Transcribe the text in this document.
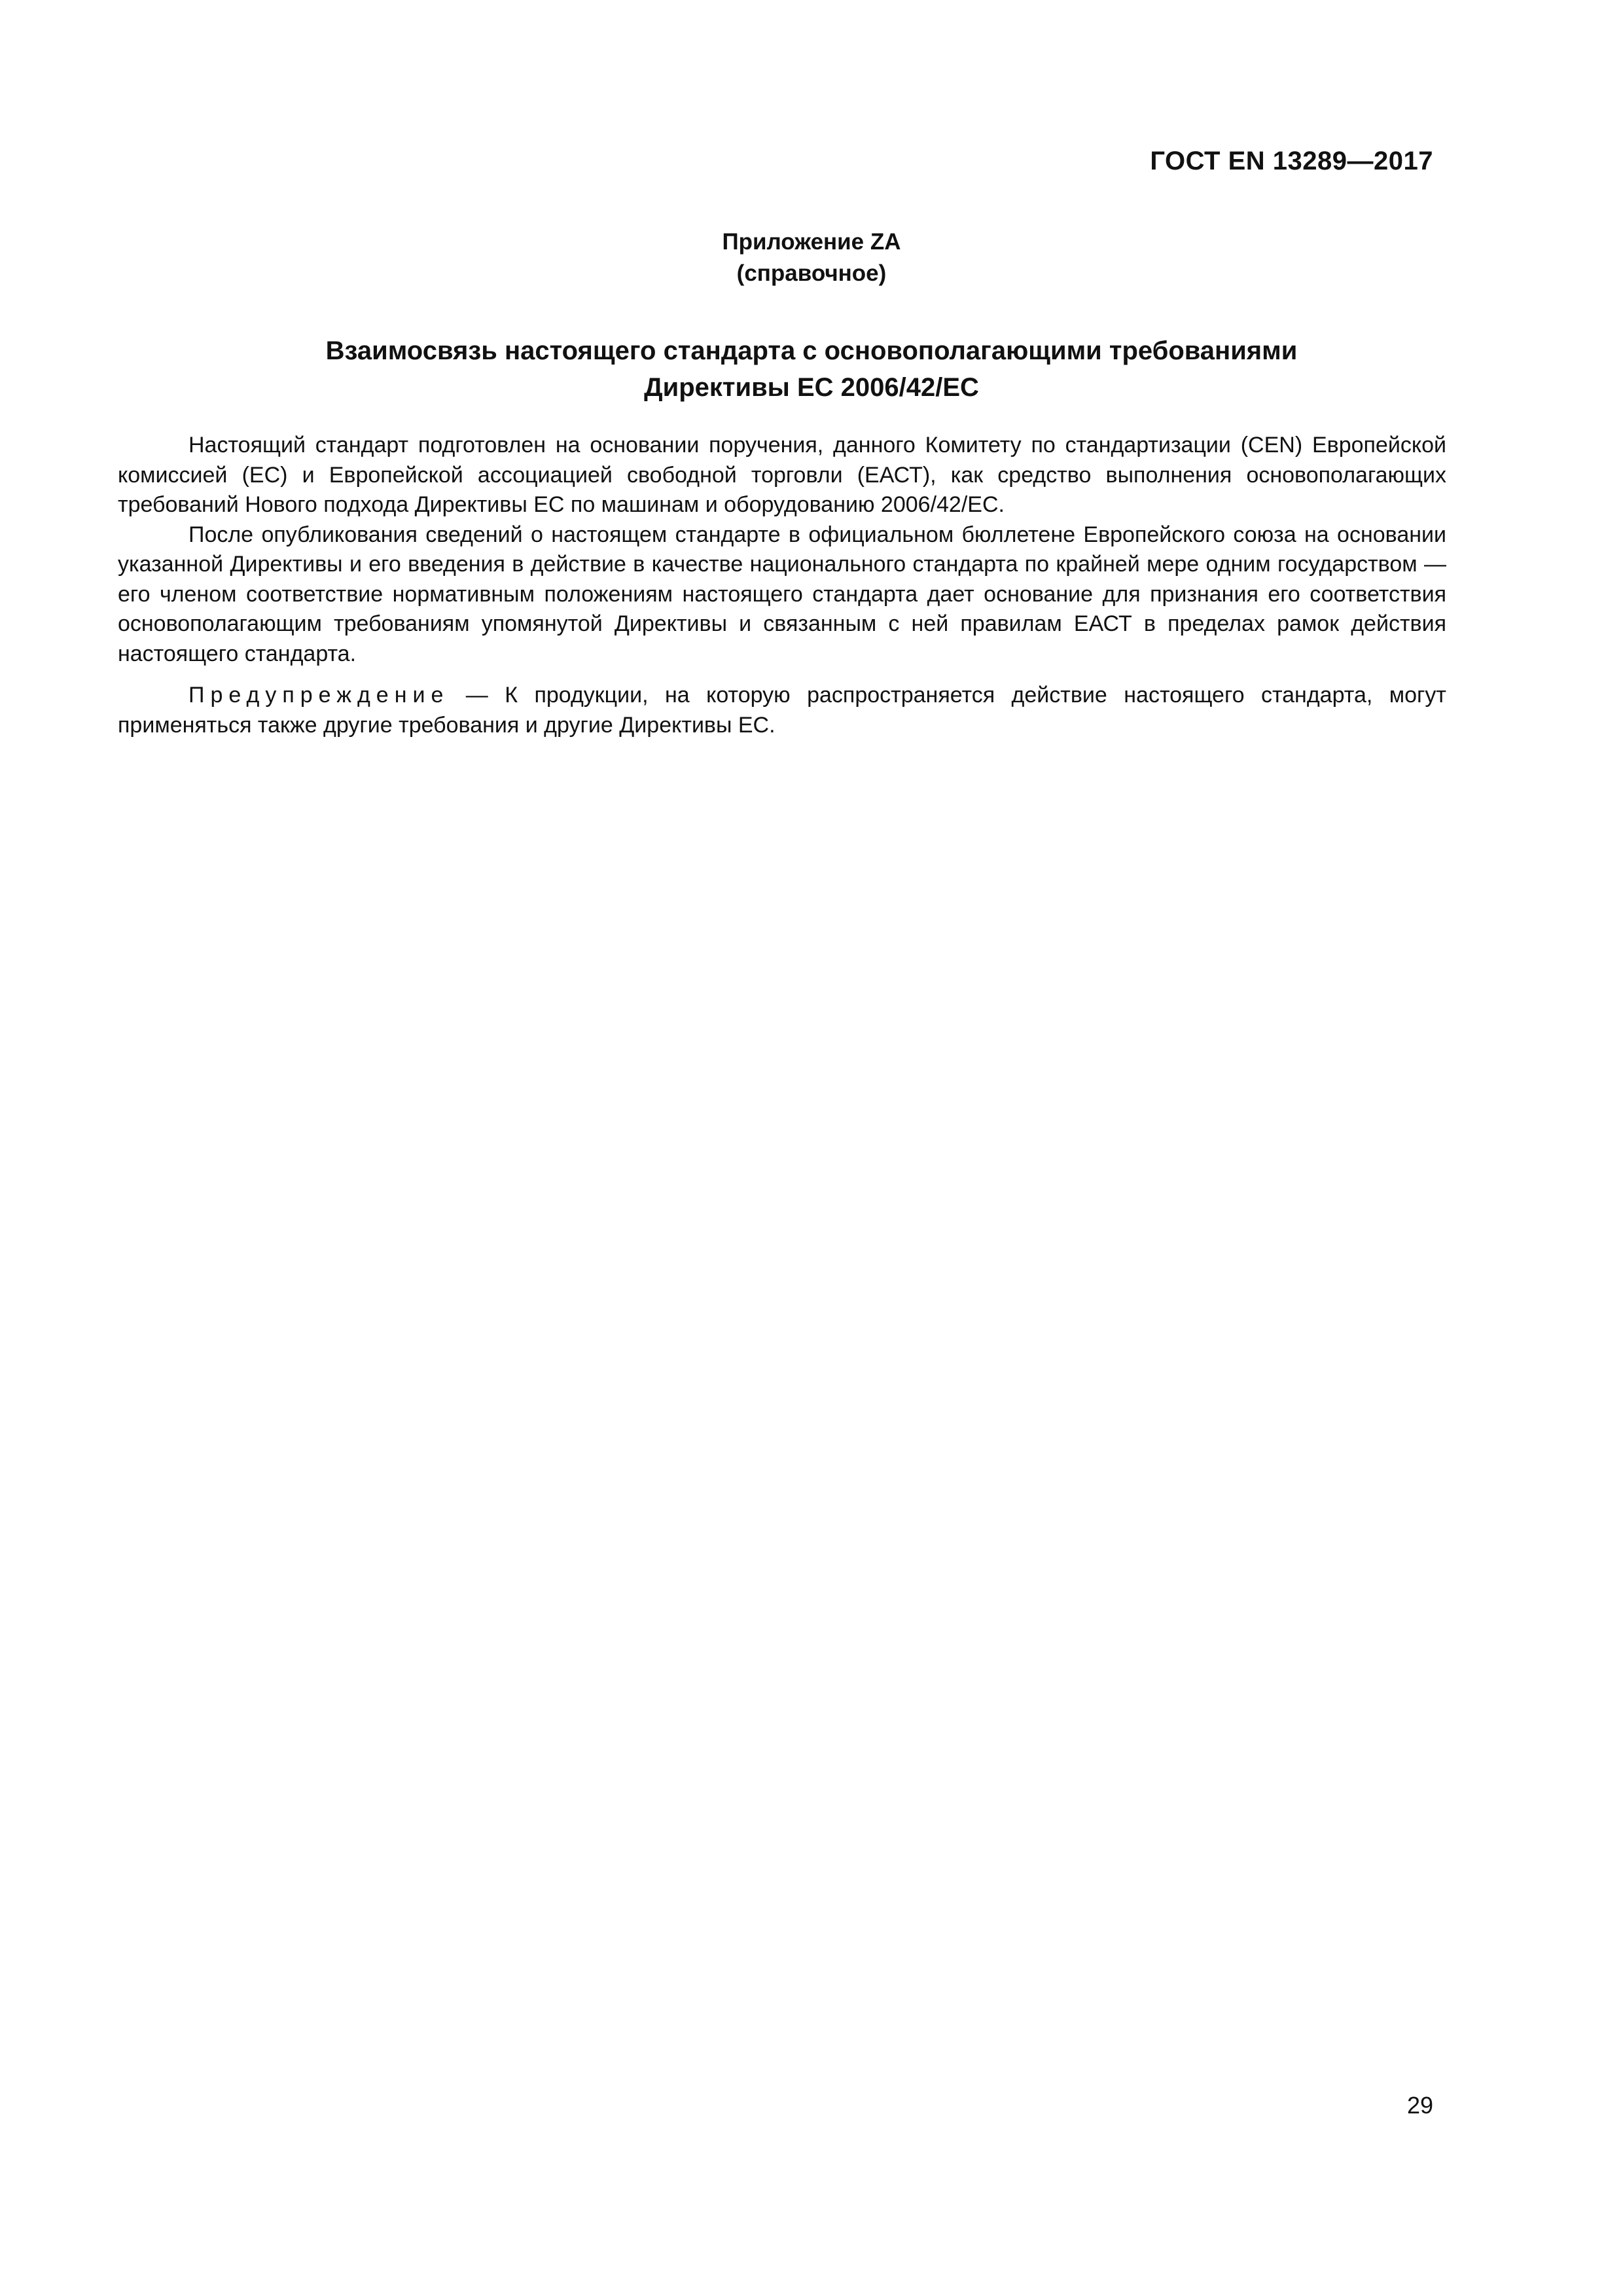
ГОСТ EN 13289—2017
Приложение ZA
(справочное)
Взаимосвязь настоящего стандарта с основополагающими требованиями
Директивы ЕС 2006/42/ЕС

Настоящий стандарт подготовлен на основании поручения, данного Комитету по стандартизации (CEN) Европейской комиссией (ЕС) и Европейской ассоциацией свободной торговли (ЕАСТ), как средство выполнения основополагающих требований Нового подхода Директивы ЕС по машинам и оборудованию 2006/42/ЕС.

После опубликования сведений о настоящем стандарте в официальном бюллетене Европейского союза на основании указанной Директивы и его введения в действие в качестве национального стандарта по крайней мере одним государством — его членом соответствие нормативным положениям настоящего стандарта дает основание для признания его соответствия основополагающим требованиям упомянутой Директивы и связанным с ней правилам ЕАСТ в пределах рамок действия настоящего стандарта.

Предупреждение — К продукции, на которую распространяется действие настоящего стандарта, могут применяться также другие требования и другие Директивы ЕС.

29
